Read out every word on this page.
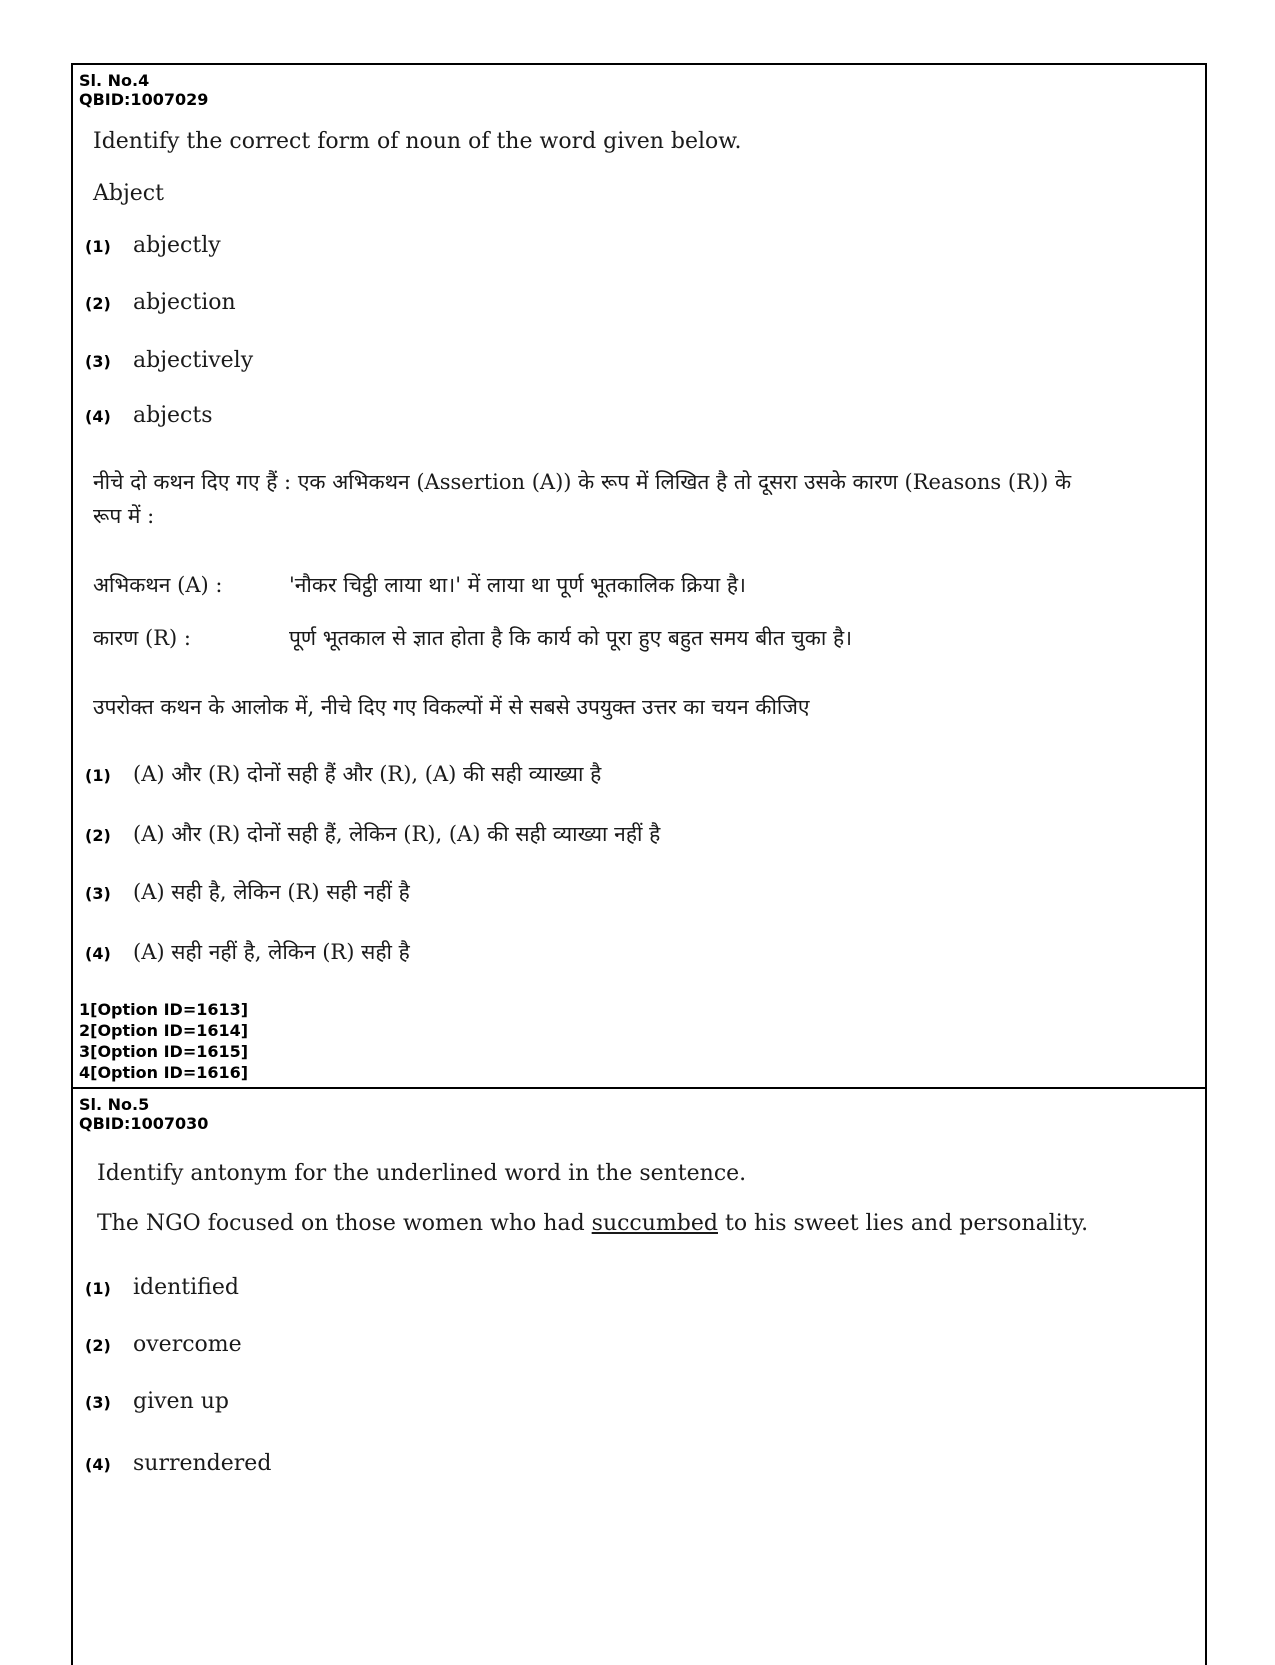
Sl. No.4
QBID:1007029
Identify the correct form of noun of the word given below.
Abject
(1) abjectly
(2) abjection
(3) abjectively
(4) abjects
नीचे दो कथन दिए गए हैं : एक अभिकथन (Assertion (A)) के रूप में लिखित है तो दूसरा उसके कारण (Reasons (R)) के
रूप में :
अभिकथन (A) :	'नौकर चिट्ठी लाया था।' में लाया था पूर्ण भूतकालिक क्रिया है।
कारण (R) :	पूर्ण भूतकाल से ज्ञात होता है कि कार्य को पूरा हुए बहुत समय बीत चुका है।
उपरोक्त कथन के आलोक में, नीचे दिए गए विकल्पों में से सबसे उपयुक्त उत्तर का चयन कीजिए
(1) (A) और (R) दोनों सही हैं और (R), (A) की सही व्याख्या है
(2) (A) और (R) दोनों सही हैं, लेकिन (R), (A) की सही व्याख्या नहीं है
(3) (A) सही है, लेकिन (R) सही नहीं है
(4) (A) सही नहीं है, लेकिन (R) सही है
1[Option ID=1613]
2[Option ID=1614]
3[Option ID=1615]
4[Option ID=1616]
Sl. No.5
QBID:1007030
Identify antonym for the underlined word in the sentence.
The NGO focused on those women who had succumbed to his sweet lies and personality.
(1) identified
(2) overcome
(3) given up
(4) surrendered
